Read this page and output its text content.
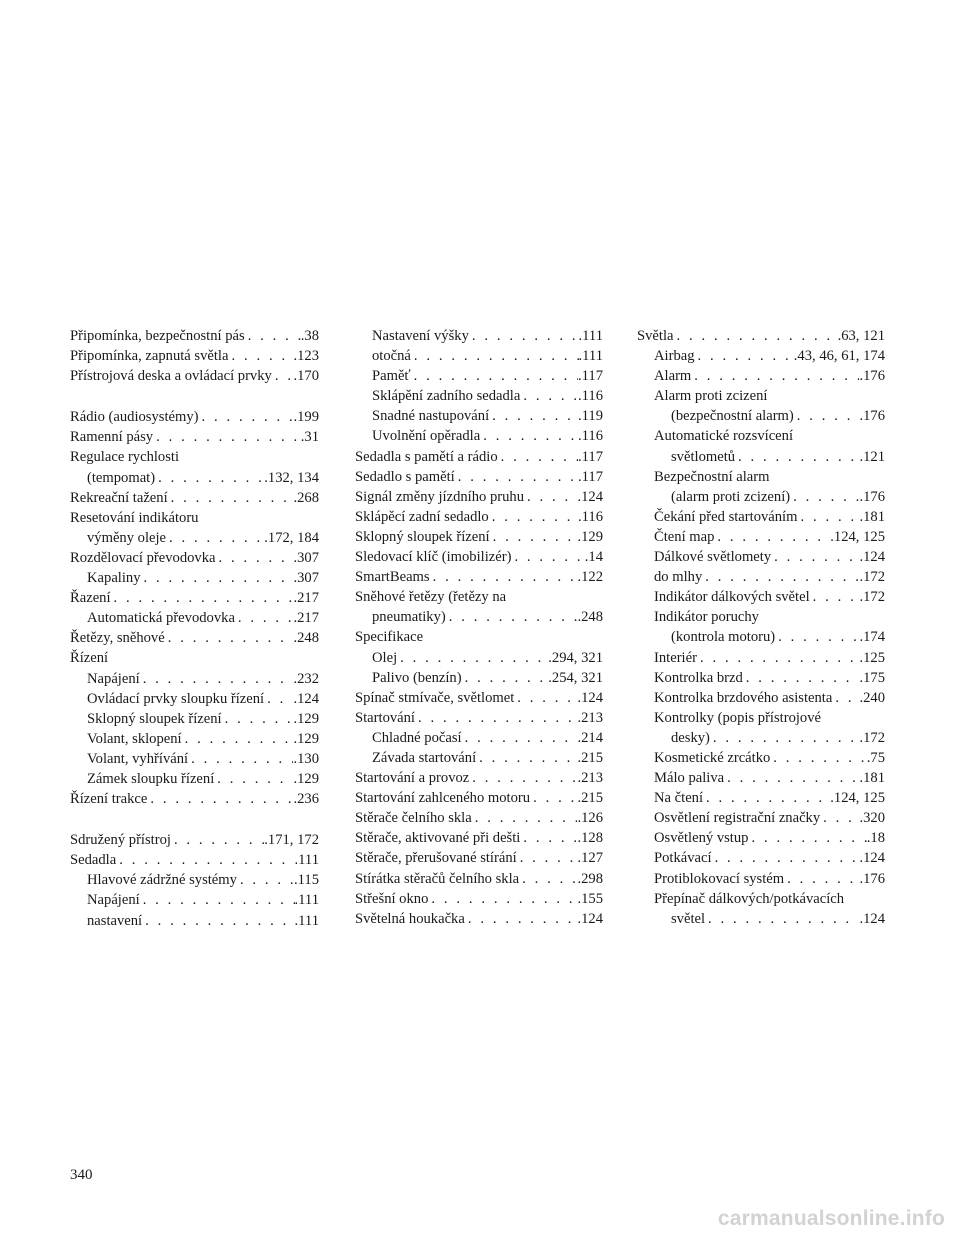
Připomínka, bezpečnostní pás . . .	.38
Připomínka, zapnutá světla . . .	.123
Přístrojová deska a ovládací prvky . . . .170
Rádio (audiosystémy) . . .	.199
Ramenní pásy . . .	.31
Regulace rychlosti
(tempomat) . . .	.132, 134
Rekreační tažení . . .	.268
Resetování indikátoru
výměny oleje . . .	.172, 184
Rozdělovací převodovka . . .	.307
Kapaliny . . .	.307
Řazení . . .	.217
Automatická převodovka . . .	.217
Řetězy, sněhové . . .	.248
Řízení
Napájení . . .	.232
Ovládací prvky sloupku řízení . . . .124
Sklopný sloupek řízení . . .	.129
Volant, sklopení . . .	.129
Volant, vyhřívání . . .	.130
Zámek sloupku řízení . . .	.129
Řízení trakce . . .	.236
Sdružený přístroj . . .	.171, 172
Sedadla . . .	.111
Hlavové zádržné systémy . . .	.115
Napájení . . .	.111
nastavení . . .	.111
Nastavení výšky . . .	.111
otočná . . .	.111
Paměť . . .	.117
Sklápění zadního sedadla . . .	.116
Snadné nastupování . . .	.119
Uvolnění opěradla . . .	.116
Sedadla s pamětí a rádio . . .	.117
Sedadlo s pamětí . . .	.117
Signál změny jízdního pruhu . . .	.124
Sklápěcí zadní sedadlo . . .	.116
Sklopný sloupek řízení . . .	.129
Sledovací klíč (imobilizér) . . .	.14
SmartBeams . . .	.122
Sněhové řetězy (řetězy na
pneumatiky) . . .	.248
Specifikace
Olej . . .	.294, 321
Palivo (benzín) . . .	.254, 321
Spínač stmívače, světlomet . . .	.124
Startování . . .	.213
Chladné počasí . . .	.214
Závada startování . . .	.215
Startování a provoz . . .	.213
Startování zahlceného motoru . . .	.215
Stěrače čelního skla . . .	.126
Stěrače, aktivované při dešti . . .	.128
Stěrače, přerušované stírání . . .	.127
Stírátka stěračů čelního skla . . .	.298
Střešní okno . . .	.155
Světelná houkačka . . .	.124
Světla . . .	.63, 121
Airbag . . .	.43, 46, 61, 174
Alarm . . .	.176
Alarm proti zcizení
(bezpečnostní alarm) . . .	.176
Automatické rozsvícení
světlometů . . .	.121
Bezpečnostní alarm
(alarm proti zcizení) . . .	.176
Čekání před startováním . . .	.181
Čtení map . . .	.124, 125
Dálkové světlomety . . .	.124
do mlhy . . .	.172
Indikátor dálkových světel . . .	.172
Indikátor poruchy
(kontrola motoru) . . .	.174
Interiér . . .	.125
Kontrolka brzd . . .	.175
Kontrolka brzdového asistenta . . . .240
Kontrolky (popis přístrojové
desky) . . .	.172
Kosmetické zrcátko . . .	.75
Málo paliva . . .	.181
Na čtení . . .	.124, 125
Osvětlení registrační značky . . .	.320
Osvětlený vstup . . .	.18
Potkávací . . .	.124
Protiblokovací systém . . .	.176
Přepínač dálkových/potkávacích
světel . . .	.124
340
carmanualsonline.info
